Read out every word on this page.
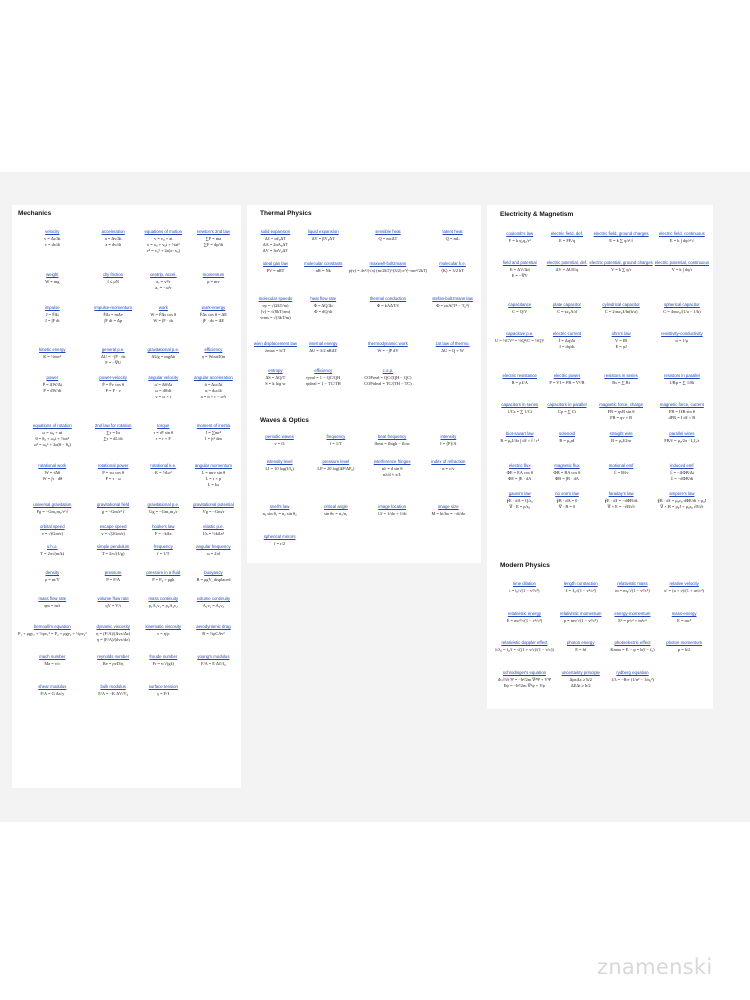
Mechanics
velocity
v = Δr/Δt
v = dr/dt
acceleration
a = Δv/Δt
a = dv/dt
equations of motion
v = v₀ + at
x = x₀ + v₀t + ½at²
v² = v₀² + 2a(x−x₀)
newton's 2nd law
∑F = ma
∑F = dp/dt
weight
W = mg
dry friction
f ≤ μN
centrip. accel.
a꜀ = v²/r
a꜀ = −ω²r
momentum
p = mv
impulse
J = F̄Δt
J = ∫F dt
impulse-momentum
F̄Δt = mΔv
∫F dt = Δp
work
W = F̄Δs cos θ
W = ∫F · ds
work-energy
F̄Δs cos θ = ΔE
∫F · ds = ΔE
kinetic energy
K = ½mv²
general p.e.
ΔU = −∫F · ds
F = −∇U
gravitational p.e.
ΔUg = mgΔh
efficiency
η = Wout/Ein
power
P̄ = ΔW/Δt
P = dW/dt
power-velocity
P̄ = F̄v cos θ
P = F · v
angular velocity
ω̄ = Δθ/Δt
ω = dθ/dt
v = ω × r
angular acceleration
ᾱ = Δω/Δt
α = dω/dt
a = α × r − ω²r
equations of rotation
ω = ω₀ + αt
θ = θ₀ + ω₀t + ½αt²
ω² = ω₀² + 2α(θ − θ₀)
2nd law for rotation
∑τ = Iα
∑τ = dL/dt
torque
τ = rF sin θ
τ = r × F
moment of inertia
I = ∑mr²
I = ∫r² dm
rotational work
W = τ̄Δθ
W = ∫τ · dθ
rotational power
P = τω cos θ
P = τ · ω
rotational k.e.
K = ½Iω²
angular momentum
L = mrv sin θ
L = r × p
L = Iω
universal gravitation
Fg = −Gm₁m₂/r² r̂
gravitational field
g = −Gm/r² r̂
gravitational p.e.
Ug = −Gm₁m₂/r
gravitational potential
Vg = −Gm/r
orbital speed
v = √(Gm/r)
escape speed
v = √(2Gm/r)
hooke's law
F = −kΔx
elastic p.e.
Us = ½kΔx²
s.h.o.
T = 2π√(m/k)
simple pendulum
T = 2π√(ℓ/g)
frequency
f = 1/T
angular frequency
ω = 2πf
density
ρ = m/V
pressure
P = F/A
pressure in a fluid
P = P₀ + ρgh
buoyancy
B = ρgV_displaced
mass flow rate
qm = m/t
volume flow rate
qV = V/t
mass continuity
ρ₁A₁v₁ = ρ₂A₂v₂
volume continuity
A₁v₁ = A₂v₂
bernoulli's equation
P₁ + ρgy₁ + ½ρv₁² = P₂ + ρgy₂ + ½ρv₂²
dynamic viscosity
η = (F/A)/(Δvx/Δz)
η = (F/A)/(dvx/dz)
kinematic viscosity
ν = η/ρ
aerodynamic drag
R = ½ρCAv²
mach number
Ma = v/c
reynolds number
Re = ρvD/η
froude number
Fr = v/√(gℓ)
young's modulus
F/A = E Δℓ/ℓ₀
shear modulus
F/A = G Δx/y
bulk modulus
F/A = −K ΔV/V₀
surface tension
γ = F/ℓ
Thermal Physics
solid expansion
Δℓ = αℓ₀ΔT
ΔA = 2αA₀ΔT
ΔV = 3αV₀ΔT
liquid expansion
ΔV = βV₀ΔT
sensible heat
Q = mcΔT
latent heat
Q = mL
ideal gas law
PV = nRT
molecular constants
nR = Nk
maxwell-boltzmann
p(v) = 4v²/(√π) (m/2kT)^(3/2) e^(−mv²/2kT)
molecular k.e.
⟨K⟩ = 3/2 kT
molecular speeds
vp = √(2kT/m)
⟨v⟩ = √(8kT/πm)
vrms = √(3kT/m)
heat flow rate
Φ = ΔQ/Δt
Φ = dQ/dt
thermal conduction
Φ = kAΔT/ℓ
stefan-boltzmann law
Φ = εσA(T⁴ − T₀⁴)
wien displacement law
λmax = b/T
internal energy
ΔU = 3/2 nRΔT
thermodynamic work
W = −∫P dV
1st law of thermo.
ΔU = Q + W
entropy
ΔS = ΔQ/T
S = k log w
efficiency
ηreal = 1 − QC/QH
ηideal = 1 − TC/TH
c.o.p.
COPreal = QC/(QH − QC)
COPideal = TC/(TH − TC)
Waves & Optics
periodic waves
v = fλ
frequency
f = 1/T
beat frequency
fbeat = fhigh − flow
intensity
I = ⟨P⟩/A
intensity level
LI = 10 log(I/I₀)
pressure level
LP = 20 log(ΔP/ΔP₀)
interference fringes
nλ = d sin θ
nλ/d ≈ x/L
index of refraction
n = c/v
snell's law
n₁ sin θ₁ = n₂ sin θ₂
critical angle
sin θc = n₂/n₁
image location
1/f = 1/do + 1/di
image size
M = hi/ho = −di/do
spherical mirrors
f = r/2
Electricity & Magnetism
coulomb's law
F = k q₁q₂/r²
electric field, def.
E = FE/q
electric field, ground charges
E = k ∑ q/r² r̂
electric field, continuous
E = k ∫ dq/r² r̂
field and potential
E = ΔV/Δd
E = −∇V
electric potential, def.
ΔV = ΔUE/q
electric potential, ground charges
V = k ∑ q/r
electric potential, continuous
V = k ∫ dq/r
capacitance
C = Q/V
plate capacitor
C = κε₀A/d
cylindrical capacitor
C = 2πκε₀ℓ/ln(b/a)
spherical capacitor
C = 4πκε₀/(1/a − 1/b)
capacitive p.e.
U = ½CV² = ½Q²/C = ½QV
electric current
Ī = Δq/Δt
I = dq/dt
ohm's law
V = IR
E = ρJ
resistivity-conductivity
σ = 1/ρ
electric resistance
R = ρℓ/A
electric power
P = VI = I²R = V²/R
resistors in series
Rs = ∑ Ri
resistors in parallel
1/Rp = ∑ 1/Ri
capacitors in series
1/Cs = ∑ 1/Ci
capacitors in parallel
Cp = ∑ Ci
magnetic force, charge
FB = qvB sin θ
FB = qv × B
magnetic force, current
FB = IℓB sin θ
dFB = I dℓ × B
biot-savart law
B = μ₀I/4π ∫ dℓ × r̂ / r²
solenoid
B = μ₀nI
straight wire
B = μ₀I/2πr
parallel wires
FB/ℓ = μ₀/2π · I₁I₂/r
electric flux
ΦE = EA cos θ
ΦE = ∫E · dA
magnetic flux
ΦB = BA cos θ
ΦB = ∫B · dA
motional emf
ℰ = Bℓv
induced emf
ℰ = −ΔΦB/Δt
ℰ = −dΦB/dt
gauss's law
∮E · dA = Q/ε₀
∇ · E = ρ/ε₀
no one's law
∮B · dA = 0
∇ · B = 0
faraday's law
∮E · dℓ = −dΦB/dt
∇ × E = −∂B/∂t
ampere's law
∮B · dℓ = μ₀ε₀ dΦE/dt + μ₀I
∇ × B = μ₀J + μ₀ε₀ ∂E/∂t
Modern Physics
time dilation
t = t₀/√(1 − v²/c²)
length contraction
ℓ = ℓ₀√(1 − v²/c²)
relativistic mass
m = m₀/√(1 − v²/c²)
relative velocity
u′ = (u + v)/(1 + uv/c²)
relativistic energy
E = mc²/√(1 − v²/c²)
relativistic momentum
p = mv/√(1 − v²/c²)
energy-momentum
E² = p²c² + m²c⁴
mass-energy
E = mc²
relativistic doppler effect
λ/λ₀ = f₀/f = √((1 + v/c)/(1 − v/c))
photon energy
E = hf
photoelectric effect
Kmax = E − φ = h(f − f₀)
photon momentum
p = h/λ
schrodinger's equation
iħ ∂/∂t Ψ = −ħ²/2m ∇²Ψ + VΨ
Eψ = −ħ²/2m ∇²ψ + Vψ
uncertainty principle
ΔpxΔx ≥ ħ/2
ΔEΔt ≥ ħ/2
rydberg equation
1/λ = −R∞ (1/n² − 1/n₀²)
znamenski
